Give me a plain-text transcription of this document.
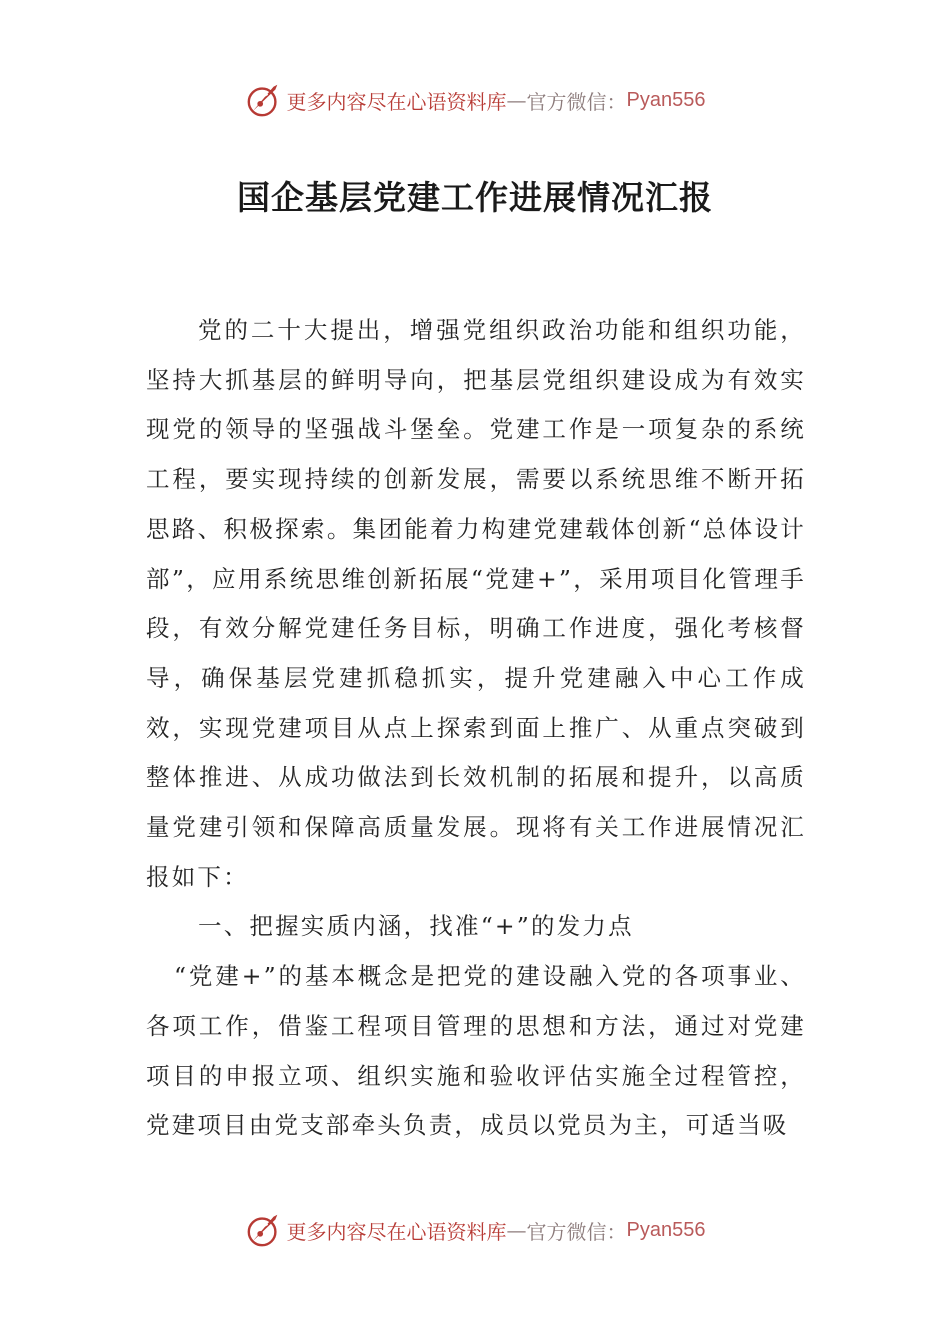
更多内容尽在心语资料库 — 官方微信： Pyan556
国企基层党建工作进展情况汇报

党的二十大提出，增强党组织政治功能和组织功能，坚持大抓基层的鲜明导向，把基层党组织建设成为有效实现党的领导的坚强战斗堡垒。党建工作是一项复杂的系统工程，要实现持续的创新发展，需要以系统思维不断开拓思路、积极探索。集团能着力构建党建载体创新“总体设计部”，应用系统思维创新拓展“党建+”，采用项目化管理手段，有效分解党建任务目标，明确工作进度，强化考核督导，确保基层党建抓稳抓实，提升党建融入中心工作成效，实现党建项目从点上探索到面上推广、从重点突破到整体推进、从成功做法到长效机制的拓展和提升，以高质量党建引领和保障高质量发展。现将有关工作进展情况汇报如下：

一、把握实质内涵，找准“+”的发力点

“党建+”的基本概念是把党的建设融入党的各项事业、各项工作，借鉴工程项目管理的思想和方法，通过对党建项目的申报立项、组织实施和验收评估实施全过程管控，党建项目由党支部牵头负责，成员以党员为主，可适当吸

更多内容尽在心语资料库 — 官方微信： Pyan556
